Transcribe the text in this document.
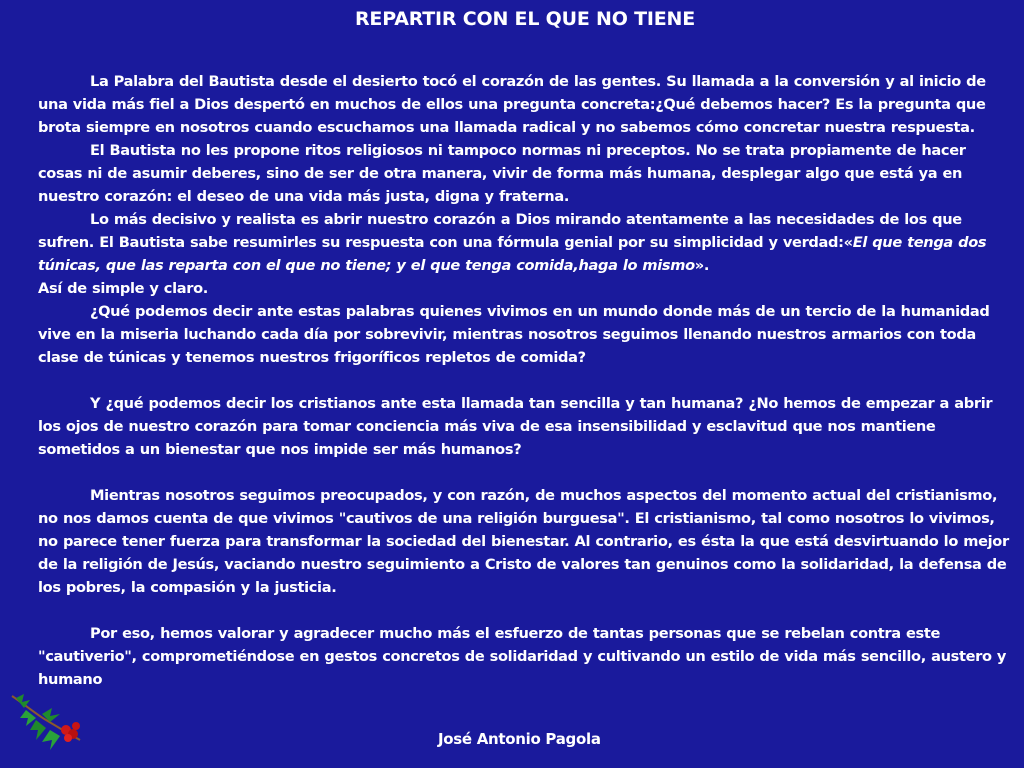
REPARTIR CON EL QUE NO TIENE

La Palabra del Bautista desde el desierto tocó el corazón de las gentes. Su llamada a la conversión y al inicio de una vida más fiel a Dios despertó en muchos de ellos una pregunta concreta:¿Qué debemos hacer? Es la pregunta que brota siempre en nosotros cuando escuchamos una llamada radical y no sabemos cómo concretar nuestra respuesta.

El Bautista no les propone ritos religiosos ni tampoco normas ni preceptos. No se trata propiamente de hacer cosas ni de asumir deberes, sino de ser de otra manera, vivir de forma más humana, desplegar algo que está ya en nuestro corazón: el deseo de una vida más justa, digna y fraterna.

Lo más decisivo y realista es abrir nuestro corazón a Dios mirando atentamente a las necesidades de los que sufren. El Bautista sabe resumirles su respuesta con una fórmula genial por su simplicidad y verdad:«El que tenga dos túnicas, que las reparta con el que no tiene; y el que tenga comida,haga lo mismo».

Así de simple y claro.

¿Qué podemos decir ante estas palabras quienes vivimos en un mundo donde más de un tercio de la humanidad vive en la miseria luchando cada día por sobrevivir, mientras nosotros seguimos llenando nuestros armarios con toda clase de túnicas y tenemos nuestros frigoríficos repletos de comida?

Y ¿qué podemos decir los cristianos ante esta llamada tan sencilla y tan humana? ¿No hemos de empezar a abrir los ojos de nuestro corazón para tomar conciencia más viva de esa insensibilidad y esclavitud que nos mantiene sometidos a un bienestar que nos impide ser más humanos?

Mientras nosotros seguimos preocupados, y con razón, de muchos aspectos del momento actual del cristianismo, no nos damos cuenta de que vivimos "cautivos de una religión burguesa". El cristianismo, tal como nosotros lo vivimos, no parece tener fuerza para transformar la sociedad del bienestar. Al contrario, es ésta la que está desvirtuando lo mejor de la religión de Jesús, vaciando nuestro seguimiento a Cristo de valores tan genuinos como la solidaridad, la defensa de los pobres, la compasión y la justicia.

Por eso, hemos valorar y agradecer mucho más el esfuerzo de tantas personas que se rebelan contra este "cautiverio", comprometiéndose en gestos concretos de solidaridad y cultivando un estilo de vida más sencillo, austero y humano

José Antonio Pagola
